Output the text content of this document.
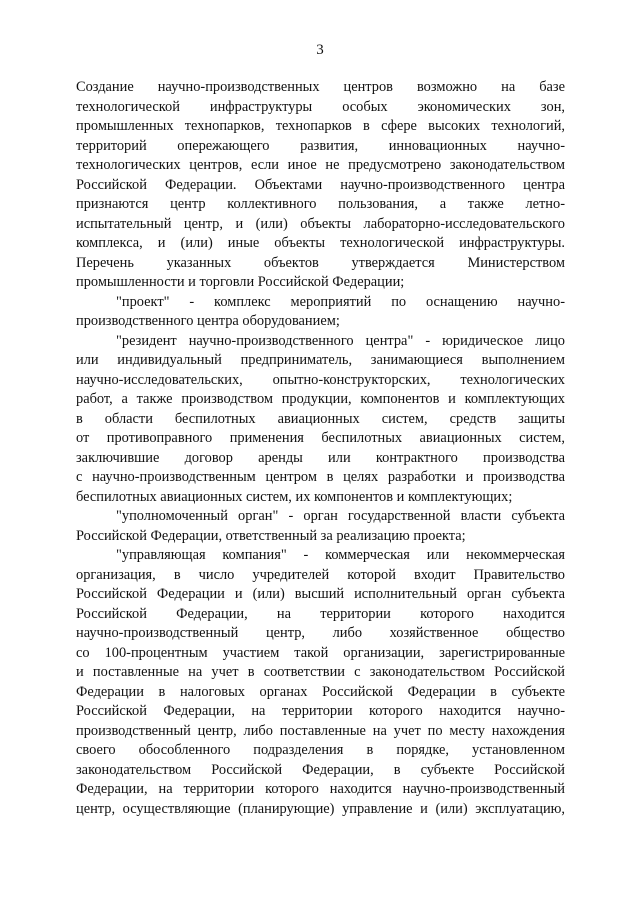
3
Создание научно-производственных центров возможно на базе
технологической инфраструктуры особых экономических зон,
промышленных технопарков, технопарков в сфере высоких технологий,
территорий опережающего развития, инновационных научно-
технологических центров, если иное не предусмотрено законодательством
Российской Федерации. Объектами научно-производственного центра
признаются центр коллективного пользования, а также летно-
испытательный центр, и (или) объекты лабораторно-исследовательского
комплекса, и (или) иные объекты технологической инфраструктуры.
Перечень указанных объектов утверждается Министерством
промышленности и торговли Российской Федерации;
"проект" - комплекс мероприятий по оснащению научно-
производственного центра оборудованием;
"резидент научно-производственного центра" - юридическое лицо
или индивидуальный предприниматель, занимающиеся выполнением
научно-исследовательских, опытно-конструкторских, технологических
работ, а также производством продукции, компонентов и комплектующих
в области беспилотных авиационных систем, средств защиты
от противоправного применения беспилотных авиационных систем,
заключившие договор аренды или контрактного производства
с научно-производственным центром в целях разработки и производства
беспилотных авиационных систем, их компонентов и комплектующих;
"уполномоченный орган" - орган государственной власти субъекта
Российской Федерации, ответственный за реализацию проекта;
"управляющая компания" - коммерческая или некоммерческая
организация, в число учредителей которой входит Правительство
Российской Федерации и (или) высший исполнительный орган субъекта
Российской Федерации, на территории которого находится
научно-производственный центр, либо хозяйственное общество
со 100-процентным участием такой организации, зарегистрированные
и поставленные на учет в соответствии с законодательством Российской
Федерации в налоговых органах Российской Федерации в субъекте
Российской Федерации, на территории которого находится научно-
производственный центр, либо поставленные на учет по месту нахождения
своего обособленного подразделения в порядке, установленном
законодательством Российской Федерации, в субъекте Российской
Федерации, на территории которого находится научно-производственный
центр, осуществляющие (планирующие) управление и (или) эксплуатацию,
